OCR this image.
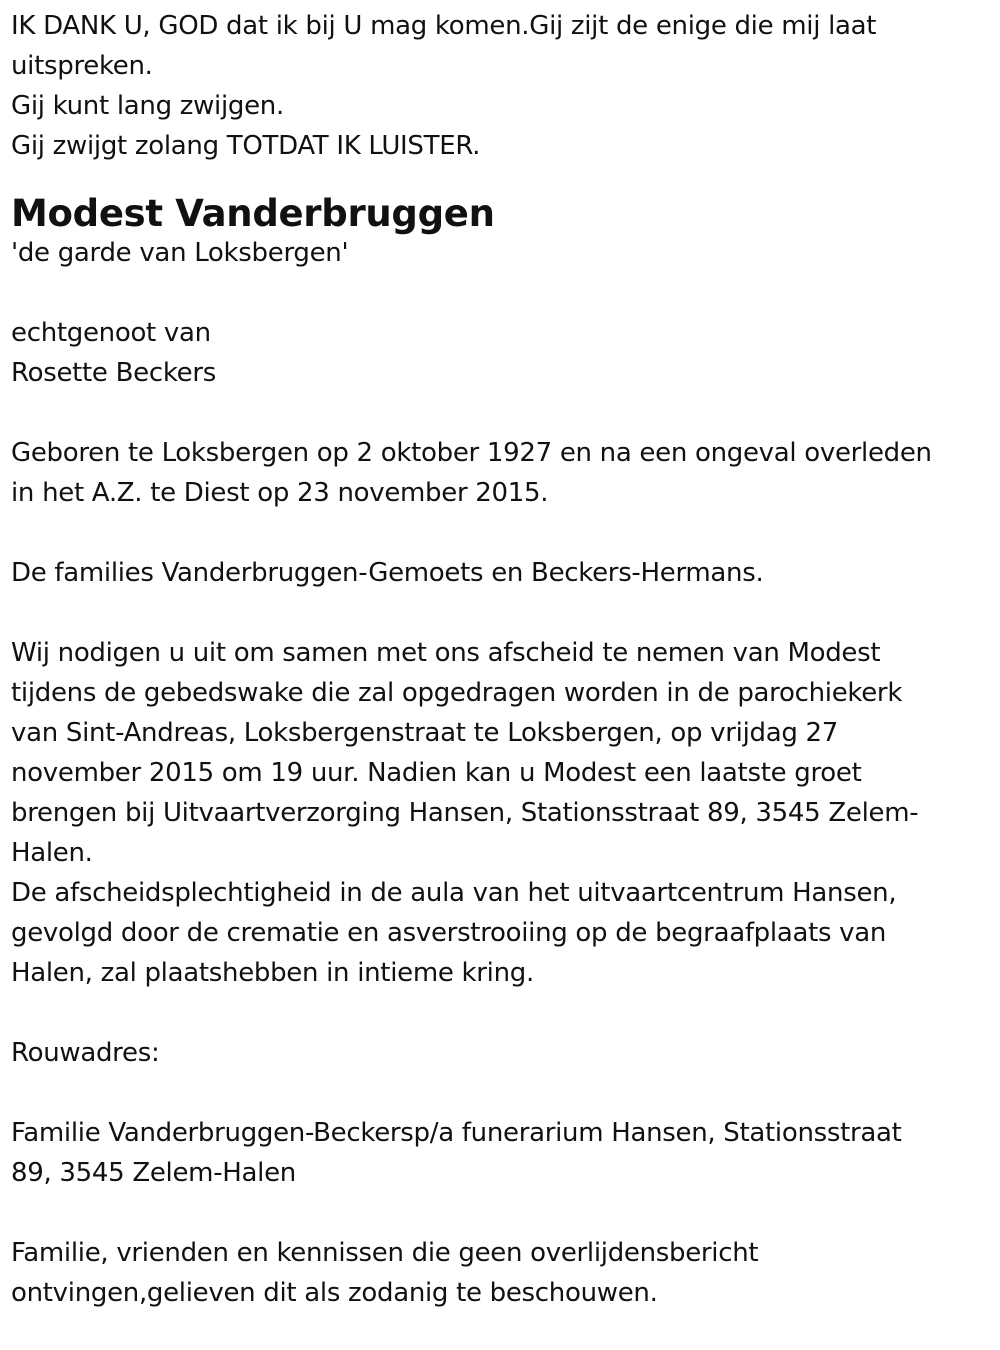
IK DANK U, GOD dat ik bij U mag komen.Gij zijt de enige die mij laat
uitspreken.
Gij kunt lang zwijgen.
Gij zwijgt zolang TOTDAT IK LUISTER.

Modest Vanderbruggen

'de garde van Loksbergen'

echtgenoot van
Rosette Beckers

Geboren te Loksbergen op 2 oktober 1927 en na een ongeval overleden
in het A.Z. te Diest op 23 november 2015.

De families Vanderbruggen-Gemoets en Beckers-Hermans.

Wij nodigen u uit om samen met ons afscheid te nemen van Modest
tijdens de gebedswake die zal opgedragen worden in de parochiekerk
van Sint-Andreas, Loksbergenstraat te Loksbergen, op vrijdag 27
november 2015 om 19 uur. Nadien kan u Modest een laatste groet
brengen bij Uitvaartverzorging Hansen, Stationsstraat 89, 3545 Zelem-
Halen.
De afscheidsplechtigheid in de aula van het uitvaartcentrum Hansen,
gevolgd door de crematie en asverstrooiing op de begraafplaats van
Halen, zal plaatshebben in intieme kring.

Rouwadres:

Familie Vanderbruggen-Beckersp/a funerarium Hansen, Stationsstraat
89, 3545 Zelem-Halen

Familie, vrienden en kennissen die geen overlijdensbericht
ontvingen,gelieven dit als zodanig te beschouwen.
